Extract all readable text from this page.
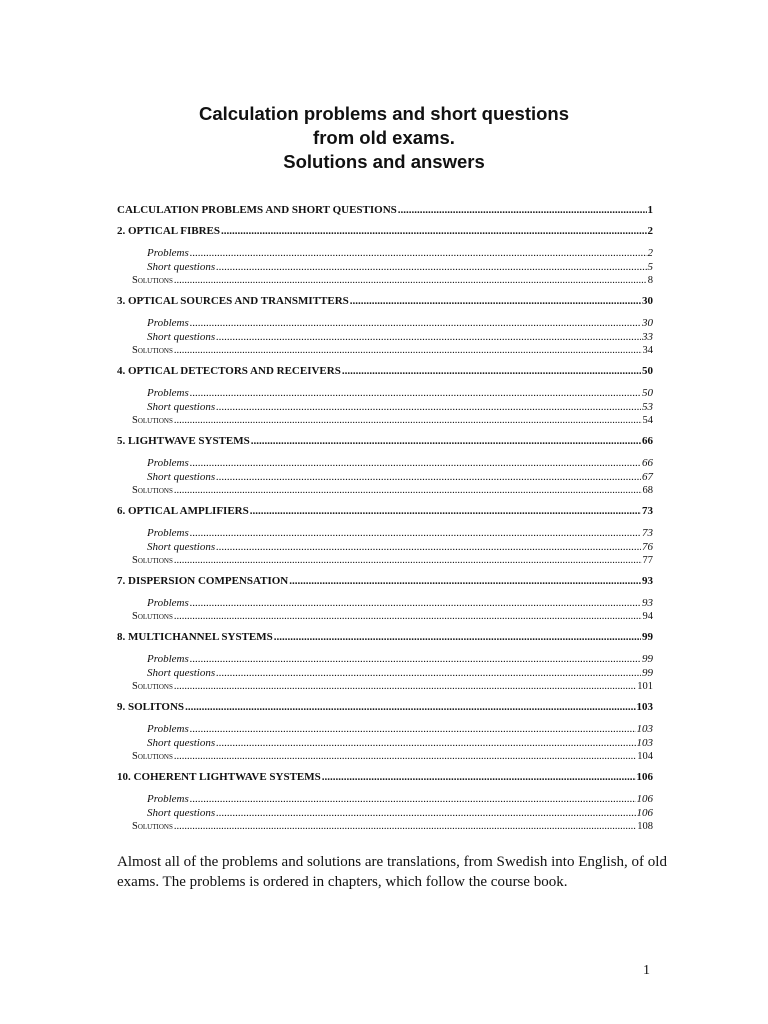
Calculation problems and short questions
from old exams.
Solutions and answers
CALCULATION PROBLEMS AND SHORT QUESTIONS .....	1
2. OPTICAL FIBRES .....	2
Problems .....	2
Short questions .....	5
Solutions .....	8
3. OPTICAL SOURCES AND TRANSMITTERS .....	30
Problems .....	30
Short questions .....	33
Solutions .....	34
4. OPTICAL DETECTORS AND RECEIVERS .....	50
Problems .....	50
Short questions .....	53
Solutions .....	54
5. LIGHTWAVE SYSTEMS .....	66
Problems .....	66
Short questions .....	67
Solutions .....	68
6. OPTICAL AMPLIFIERS .....	73
Problems .....	73
Short questions .....	76
Solutions .....	77
7. DISPERSION COMPENSATION .....	93
Problems .....	93
Solutions .....	94
8. MULTICHANNEL SYSTEMS .....	99
Problems .....	99
Short questions .....	99
Solutions .....	101
9. SOLITONS .....	103
Problems .....	103
Short questions .....	103
Solutions .....	104
10. COHERENT LIGHTWAVE SYSTEMS .....	106
Problems .....	106
Short questions .....	106
Solutions .....	108
Almost all of the problems and solutions are translations, from Swedish into English, of old exams. The problems is ordered in chapters, which follow the course book.
1
